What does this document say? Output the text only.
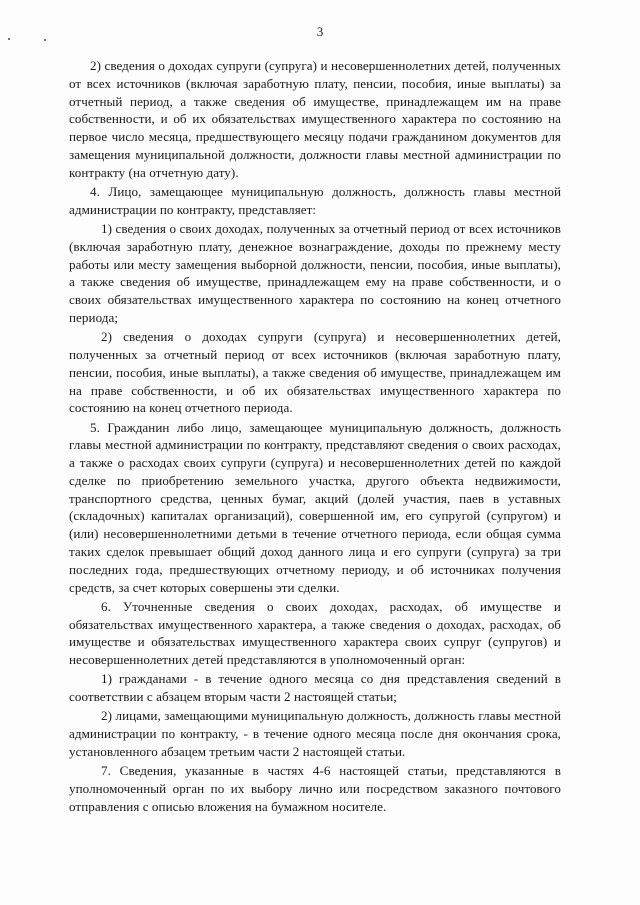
3

2) сведения о доходах супруги (супруга) и несовершеннолетних детей, полученных от всех источников (включая заработную плату, пенсии, пособия, иные выплаты) за отчетный период, а также сведения об имуществе, принадлежащем им на праве собственности, и об их обязательствах имущественного характера по состоянию на первое число месяца, предшествующего месяцу подачи гражданином документов для замещения муниципальной должности, должности главы местной администрации по контракту (на отчетную дату).

4. Лицо, замещающее муниципальную должность, должность главы местной администрации по контракту, представляет:

1) сведения о своих доходах, полученных за отчетный период от всех источников (включая заработную плату, денежное вознаграждение, доходы по прежнему месту работы или месту замещения выборной должности, пенсии, пособия, иные выплаты), а также сведения об имуществе, принадлежащем ему на праве собственности, и о своих обязательствах имущественного характера по состоянию на конец отчетного периода;

2) сведения о доходах супруги (супруга) и несовершеннолетних детей, полученных за отчетный период от всех источников (включая заработную плату, пенсии, пособия, иные выплаты), а также сведения об имуществе, принадлежащем им на праве собственности, и об их обязательствах имущественного характера по состоянию на конец отчетного периода.

5. Гражданин либо лицо, замещающее муниципальную должность, должность главы местной администрации по контракту, представляют сведения о своих расходах, а также о расходах своих супруги (супруга) и несовершеннолетних детей по каждой сделке по приобретению земельного участка, другого объекта недвижимости, транспортного средства, ценных бумаг, акций (долей участия, паев в уставных (складочных) капиталах организаций), совершенной им, его супругой (супругом) и (или) несовершеннолетними детьми в течение отчетного периода, если общая сумма таких сделок превышает общий доход данного лица и его супруги (супруга) за три последних года, предшествующих отчетному периоду, и об источниках получения средств, за счет которых совершены эти сделки.

6. Уточненные сведения о своих доходах, расходах, об имуществе и обязательствах имущественного характера, а также сведения о доходах, расходах, об имуществе и обязательствах имущественного характера своих супруг (супругов) и несовершеннолетних детей представляются в уполномоченный орган:

1) гражданами - в течение одного месяца со дня представления сведений в соответствии с абзацем вторым части 2 настоящей статьи;

2) лицами, замещающими муниципальную должность, должность главы местной администрации по контракту, - в течение одного месяца после дня окончания срока, установленного абзацем третьим части 2 настоящей статьи.

7. Сведения, указанные в частях 4-6 настоящей статьи, представляются в уполномоченный орган по их выбору лично или посредством заказного почтового отправления с описью вложения на бумажном носителе.
